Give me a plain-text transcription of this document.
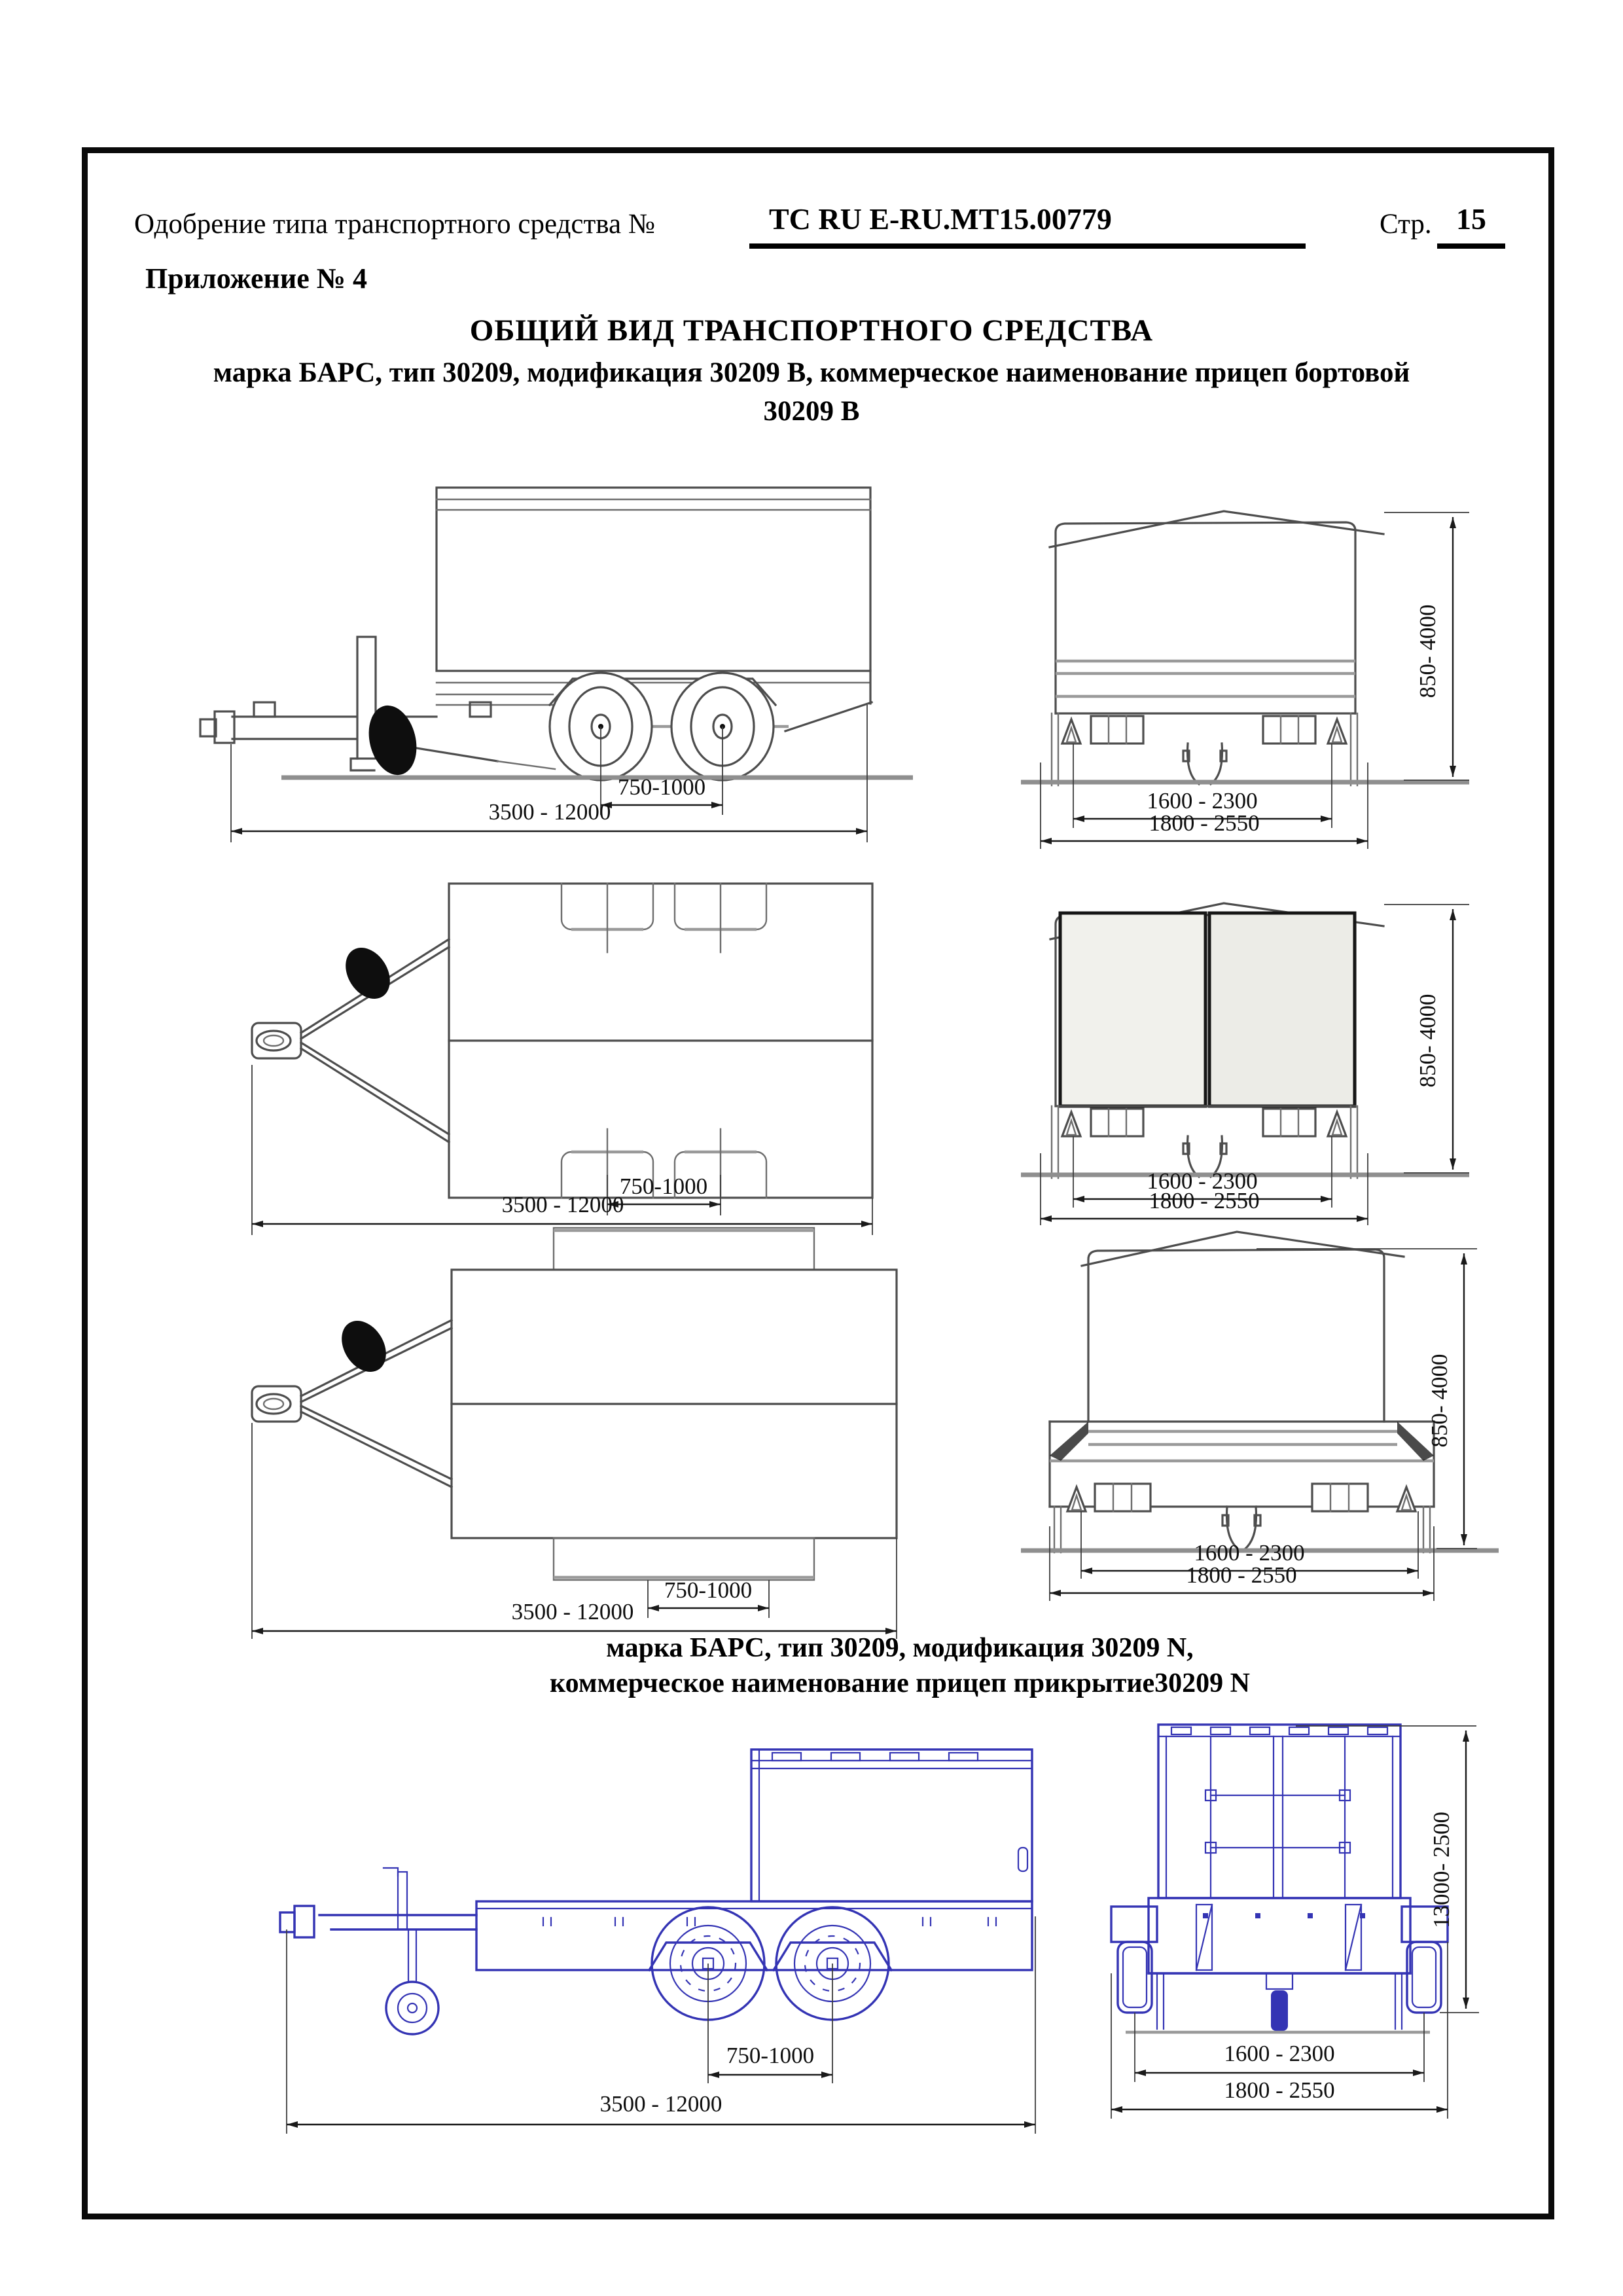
Одобрение типа транспортного средства №	ТС RU E-RU.MT15.00779	Стр. 15
Приложение № 4
ОБЩИЙ ВИД ТРАНСПОРТНОГО СРЕДСТВА
марка БАРС, тип 30209, модификация 30209 В, коммерческое наименование прицеп бортовой
30209 В
750-1000
3500 - 12000
850- 4000
1600 - 2300
1800 - 2550
750-1000
3500 - 12000
850- 4000
1600 - 2300
1800 - 2550
750-1000
3500 - 12000
850- 4000
1600 - 2300
1800 - 2550
марка БАРС, тип 30209, модификация 30209 N,
коммерческое наименование прицеп прикрытие30209 N
750-1000
3500 - 12000
13000- 2500
1600 - 2300
1800 - 2550
